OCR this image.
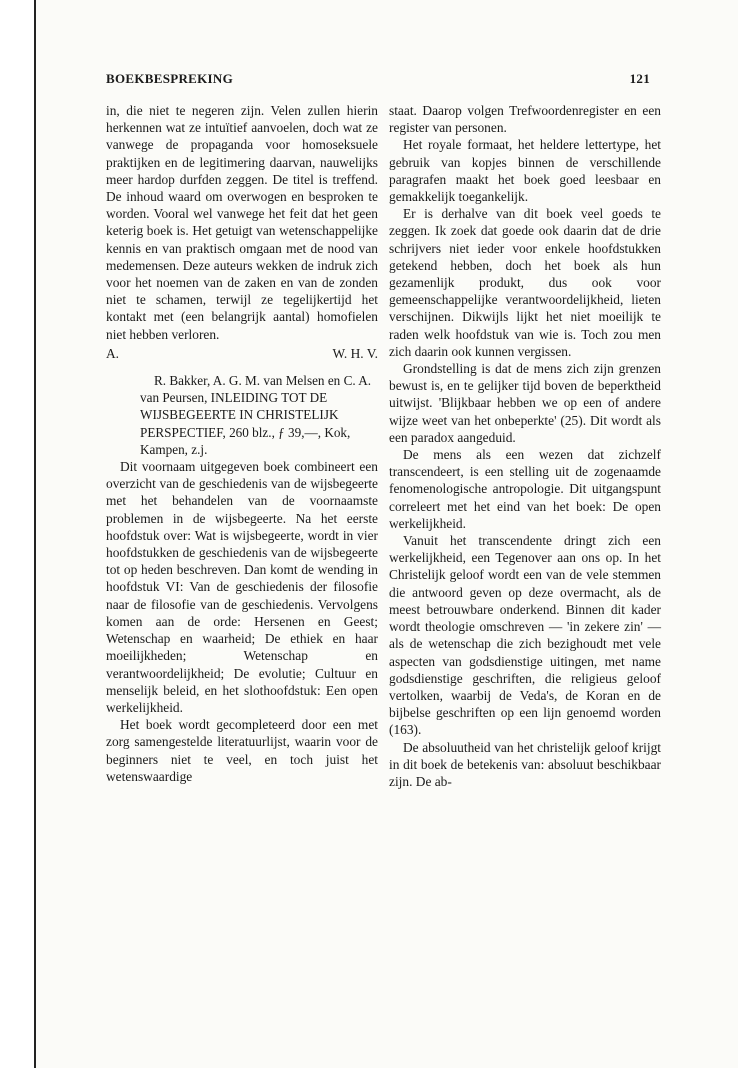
BOEKBESPREKING	121

in, die niet te negeren zijn. Velen zullen hierin herkennen wat ze intuïtief aanvoelen, doch wat ze vanwege de propaganda voor homoseksuele praktijken en de legitimering daarvan, nauwelijks meer hardop durfden zeggen. De titel is treffend. De inhoud waard om overwogen en besproken te worden. Vooral wel vanwege het feit dat het geen keterig boek is. Het getuigt van wetenschappelijke kennis en van praktisch omgaan met de nood van medemensen. Deze auteurs wekken de indruk zich voor het noemen van de zaken en van de zonden niet te schamen, terwijl ze tegelijkertijd het kontakt met (een belangrijk aantal) homofielen niet hebben verloren.

A.	W. H. V.

R. Bakker, A. G. M. van Melsen en C. A. van Peursen, INLEIDING TOT DE WIJSBEGEERTE IN CHRISTELIJK PERSPECTIEF, 260 blz., ƒ 39,—, Kok, Kampen, z.j.

Dit voornaam uitgegeven boek combineert een overzicht van de geschiedenis van de wijsbegeerte met het behandelen van de voornaamste problemen in de wijsbegeerte. Na het eerste hoofdstuk over: Wat is wijsbegeerte, wordt in vier hoofdstukken de geschiedenis van de wijsbegeerte tot op heden beschreven. Dan komt de wending in hoofdstuk VI: Van de geschiedenis der filosofie naar de filosofie van de geschiedenis. Vervolgens komen aan de orde: Hersenen en Geest; Wetenschap en waarheid; De ethiek en haar moeilijkheden; Wetenschap en verantwoordelijkheid; De evolutie; Cultuur en menselijk beleid, en het slothoofdstuk: Een open werkelijkheid.

Het boek wordt gecompleteerd door een met zorg samengestelde literatuurlijst, waarin voor de beginners niet te veel, en toch juist het wetenswaardige

staat. Daarop volgen Trefwoordenregister en een register van personen.

Het royale formaat, het heldere lettertype, het gebruik van kopjes binnen de verschillende paragrafen maakt het boek goed leesbaar en gemakkelijk toegankelijk.

Er is derhalve van dit boek veel goeds te zeggen. Ik zoek dat goede ook daarin dat de drie schrijvers niet ieder voor enkele hoofdstukken getekend hebben, doch het boek als hun gezamenlijk produkt, dus ook voor gemeenschappelijke verantwoordelijkheid, lieten verschijnen. Dikwijls lijkt het niet moeilijk te raden welk hoofdstuk van wie is. Toch zou men zich daarin ook kunnen vergissen.

Grondstelling is dat de mens zich zijn grenzen bewust is, en te gelijker tijd boven de beperktheid uitwijst. 'Blijkbaar hebben we op een of andere wijze weet van het onbeperkte' (25). Dit wordt als een paradox aangeduid.

De mens als een wezen dat zichzelf transcendeert, is een stelling uit de zogenaamde fenomenologische antropologie. Dit uitgangspunt correleert met het eind van het boek: De open werkelijkheid.

Vanuit het transcendente dringt zich een werkelijkheid, een Tegenover aan ons op. In het Christelijk geloof wordt een van de vele stemmen die antwoord geven op deze overmacht, als de meest betrouwbare onderkend. Binnen dit kader wordt theologie omschreven — 'in zekere zin' — als de wetenschap die zich bezighoudt met vele aspecten van godsdienstige uitingen, met name godsdienstige geschriften, die religieus geloof vertolken, waarbij de Veda's, de Koran en de bijbelse geschriften op een lijn genoemd worden (163).

De absoluutheid van het christelijk geloof krijgt in dit boek de betekenis van: absoluut beschikbaar zijn. De ab-
